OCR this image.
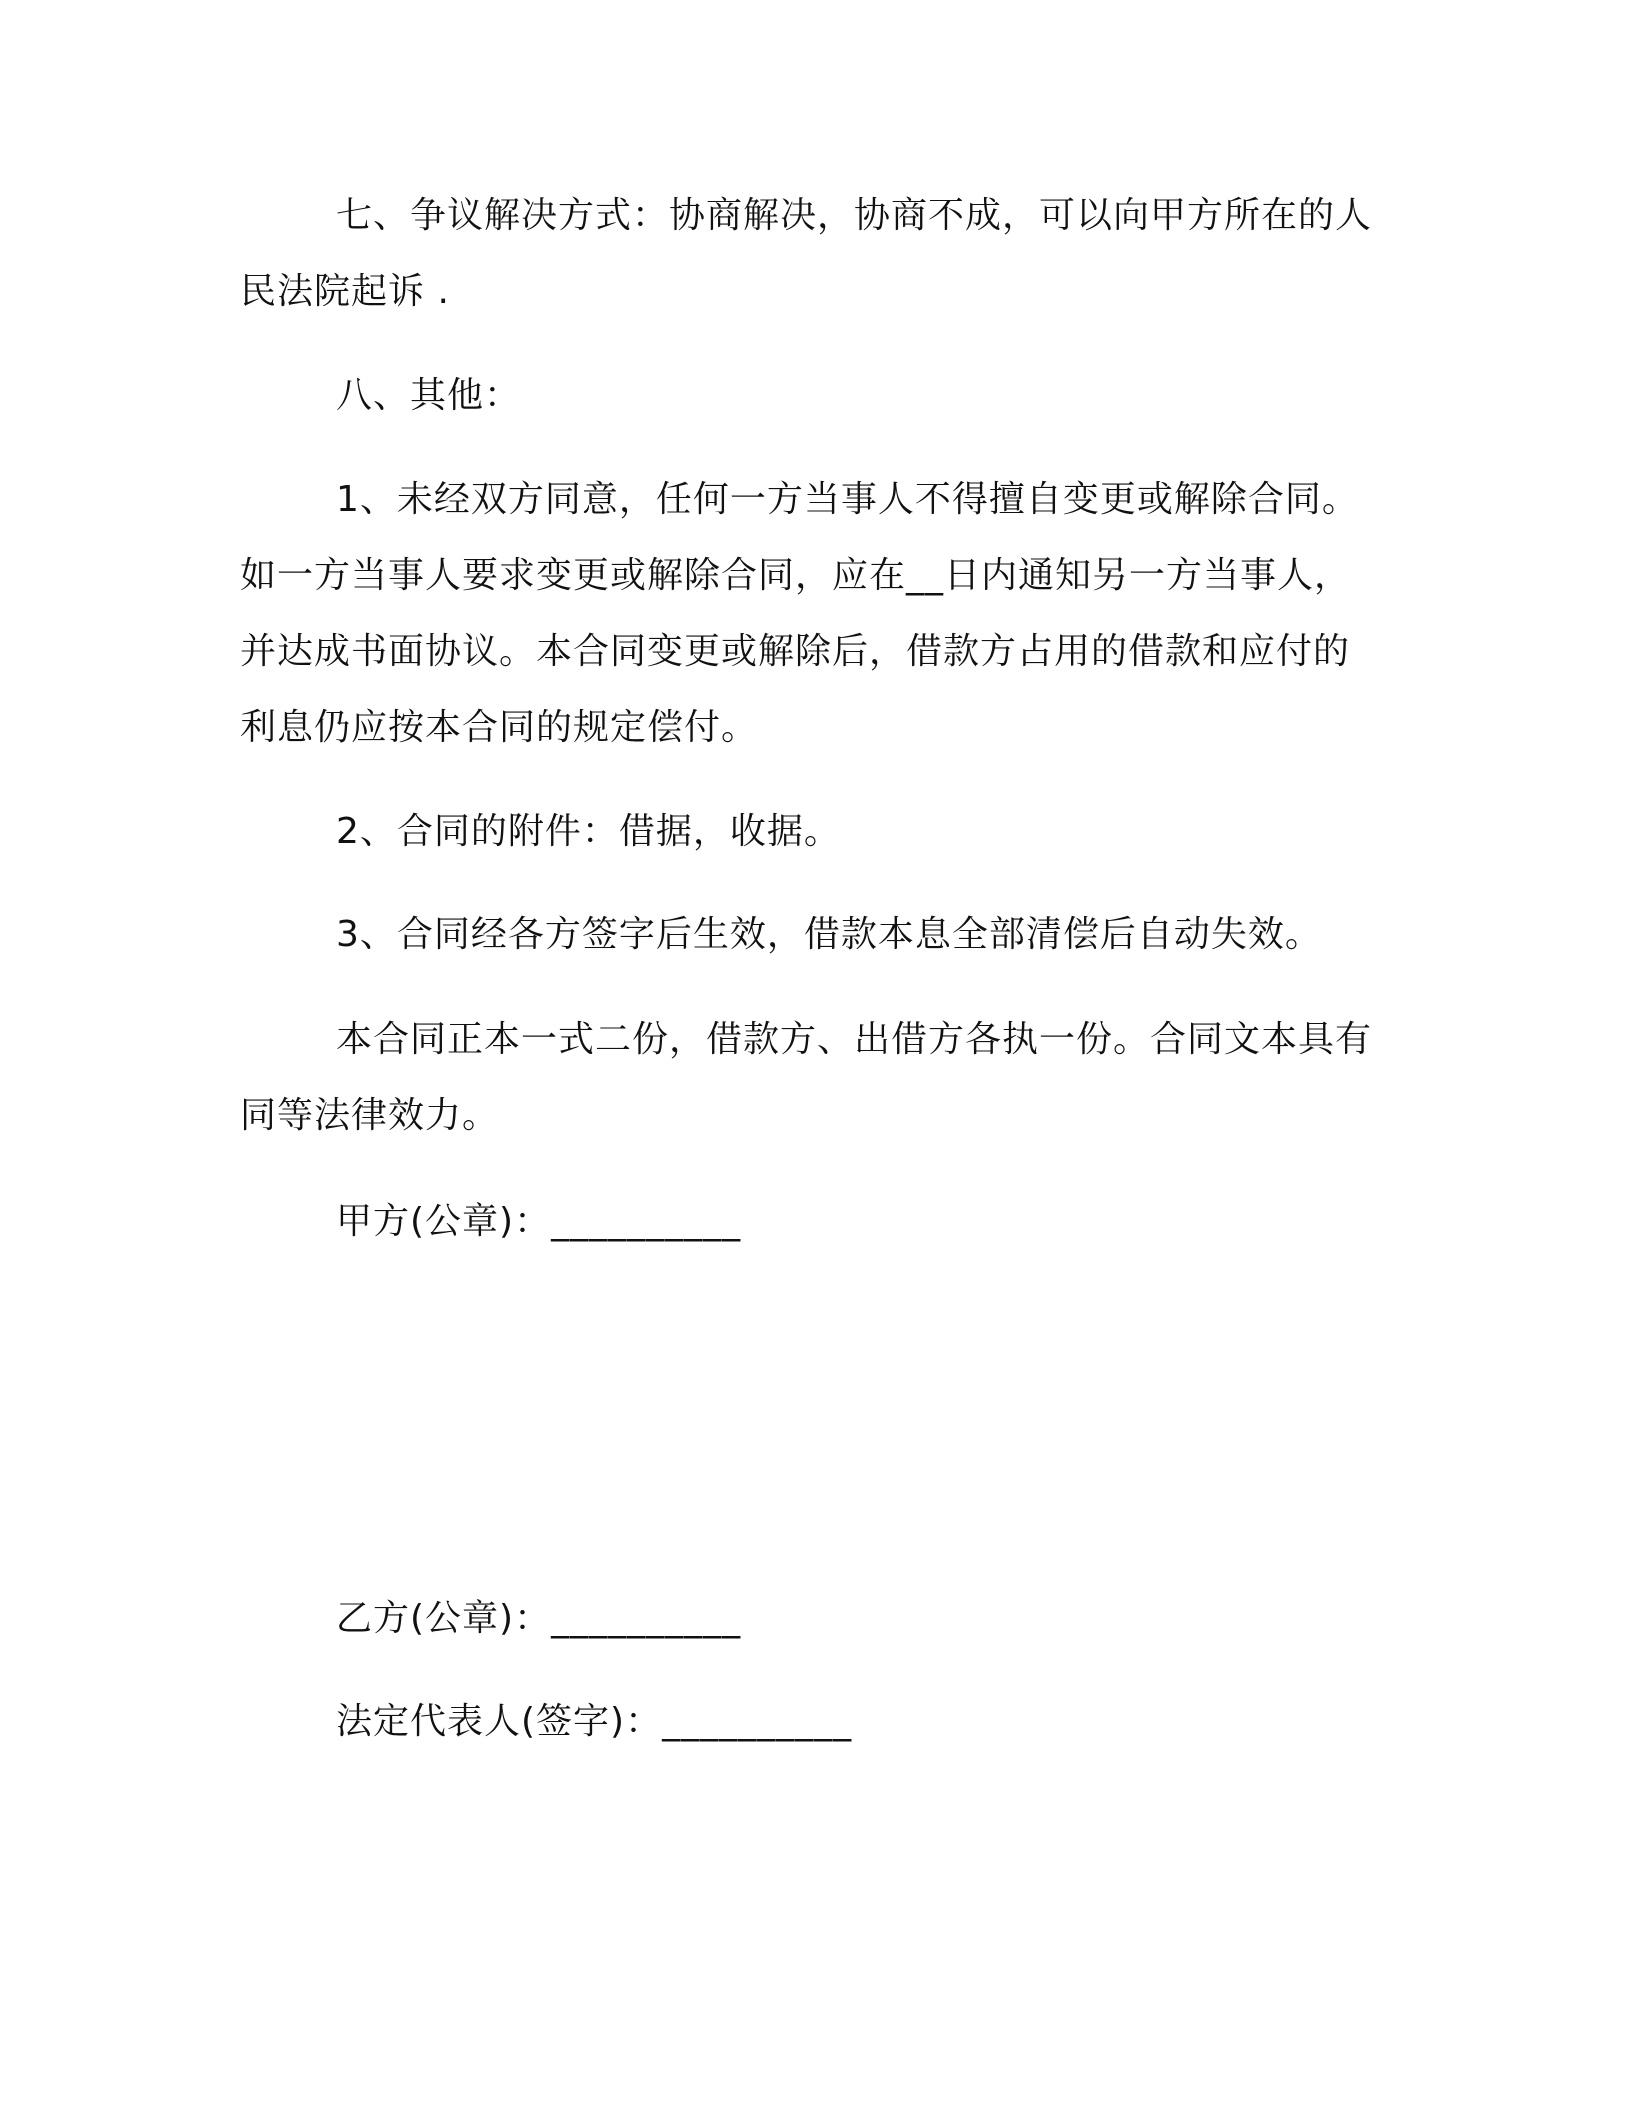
七、争议解决方式：协商解决，协商不成，可以向甲方所在的人
民法院起诉 .

八、其他：

1、未经双方同意，任何一方当事人不得擅自变更或解除合同。
如一方当事人要求变更或解除合同，应在__日内通知另一方当事人，
并达成书面协议。本合同变更或解除后，借款方占用的借款和应付的
利息仍应按本合同的规定偿付。

2、合同的附件：借据，收据。

3、合同经各方签字后生效，借款本息全部清偿后自动失效。

本合同正本一式二份，借款方、出借方各执一份。合同文本具有
同等法律效力。

甲方(公章)：__________
乙方(公章)：__________
法定代表人(签字)：__________
